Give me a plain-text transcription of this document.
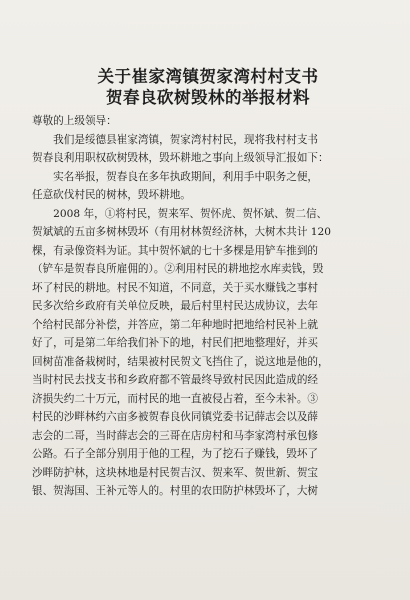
关于崔家湾镇贺家湾村村支书
贺春良砍树毁林的举报材料

尊敬的上级领导：

　　我们是绥德县崔家湾镇，贺家湾村村民，现将我村村支书
贺春良利用职权砍树毁林，毁坏耕地之事向上级领导汇报如下：

　　实名举报，贺春良在多年执政期间，利用手中职务之便，
任意砍伐村民的树林，毁坏耕地。

　　2008 年，①将村民，贺来军、贺怀虎、贺怀斌、贺二信、
贺斌斌的五亩多树林毁坏（有用材林贺经济林，大树木共计 120
棵，有录像资料为证。其中贺怀斌的七十多棵是用铲车推到的
（铲车是贺春良所雇佣的）。②利用村民的耕地挖水库卖钱，毁
坏了村民的耕地。村民不知道，不同意，关于买水赚钱之事村
民多次给乡政府有关单位反映，最后村里村民达成协议，去年
个给村民部分补偿，并答应，第二年种地时把地给村民补上就
好了，可是第二年给我们补下的地，村民们把地整理好，并买
回树苗准备栽树时，结果被村民贺文飞挡住了，说这地是他的，
当时村民去找支书和乡政府都不管最终导致村民因此造成的经
济损失约二十万元，而村民的地一直被侵占着，至今未补。③
村民的沙畔林约六亩多被贺春良伙同镇党委书记薛志会以及薛
志会的二哥，当时薛志会的三哥在店房村和马李家湾村承包修
公路。石子全部分别用于他的工程，为了挖石子赚钱，毁坏了
沙畔防护林，这块林地是村民贺吉汉、贺来军、贺世新、贺宝
银、贺海国、王补元等人的。村里的农田防护林毁坏了，大树
